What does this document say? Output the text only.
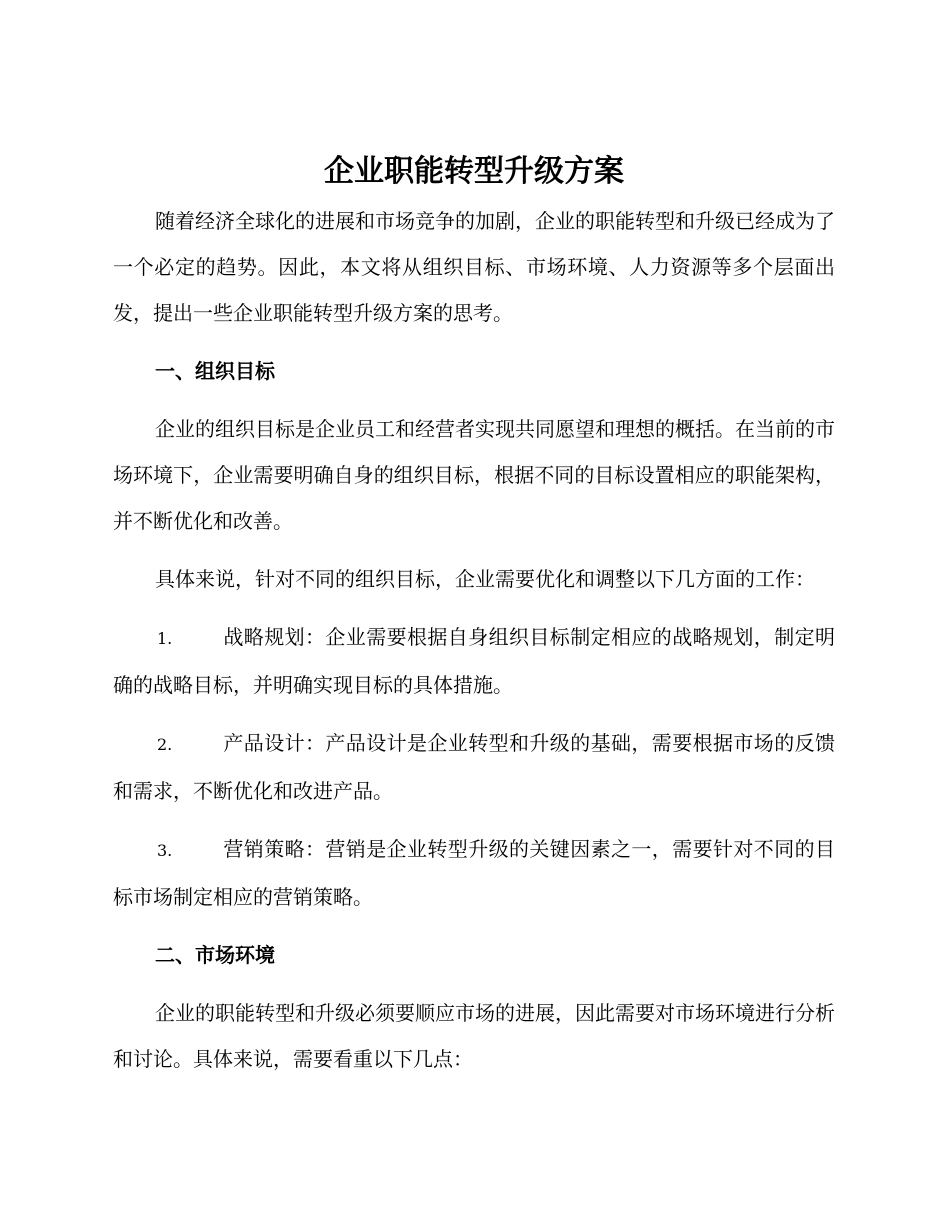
企业职能转型升级方案

随着经济全球化的进展和市场竞争的加剧，企业的职能转型和升级已经成为了一个必定的趋势。因此，本文将从组织目标、市场环境、人力资源等多个层面出发，提出一些企业职能转型升级方案的思考。

一、组织目标

企业的组织目标是企业员工和经营者实现共同愿望和理想的概括。在当前的市场环境下，企业需要明确自身的组织目标，根据不同的目标设置相应的职能架构，并不断优化和改善。

具体来说，针对不同的组织目标，企业需要优化和调整以下几方面的工作：

1.	战略规划：企业需要根据自身组织目标制定相应的战略规划，制定明确的战略目标，并明确实现目标的具体措施。

2.	产品设计：产品设计是企业转型和升级的基础，需要根据市场的反馈和需求，不断优化和改进产品。

3.	营销策略：营销是企业转型升级的关键因素之一，需要针对不同的目标市场制定相应的营销策略。

二、市场环境

企业的职能转型和升级必须要顺应市场的进展，因此需要对市场环境进行分析和讨论。具体来说，需要看重以下几点：
